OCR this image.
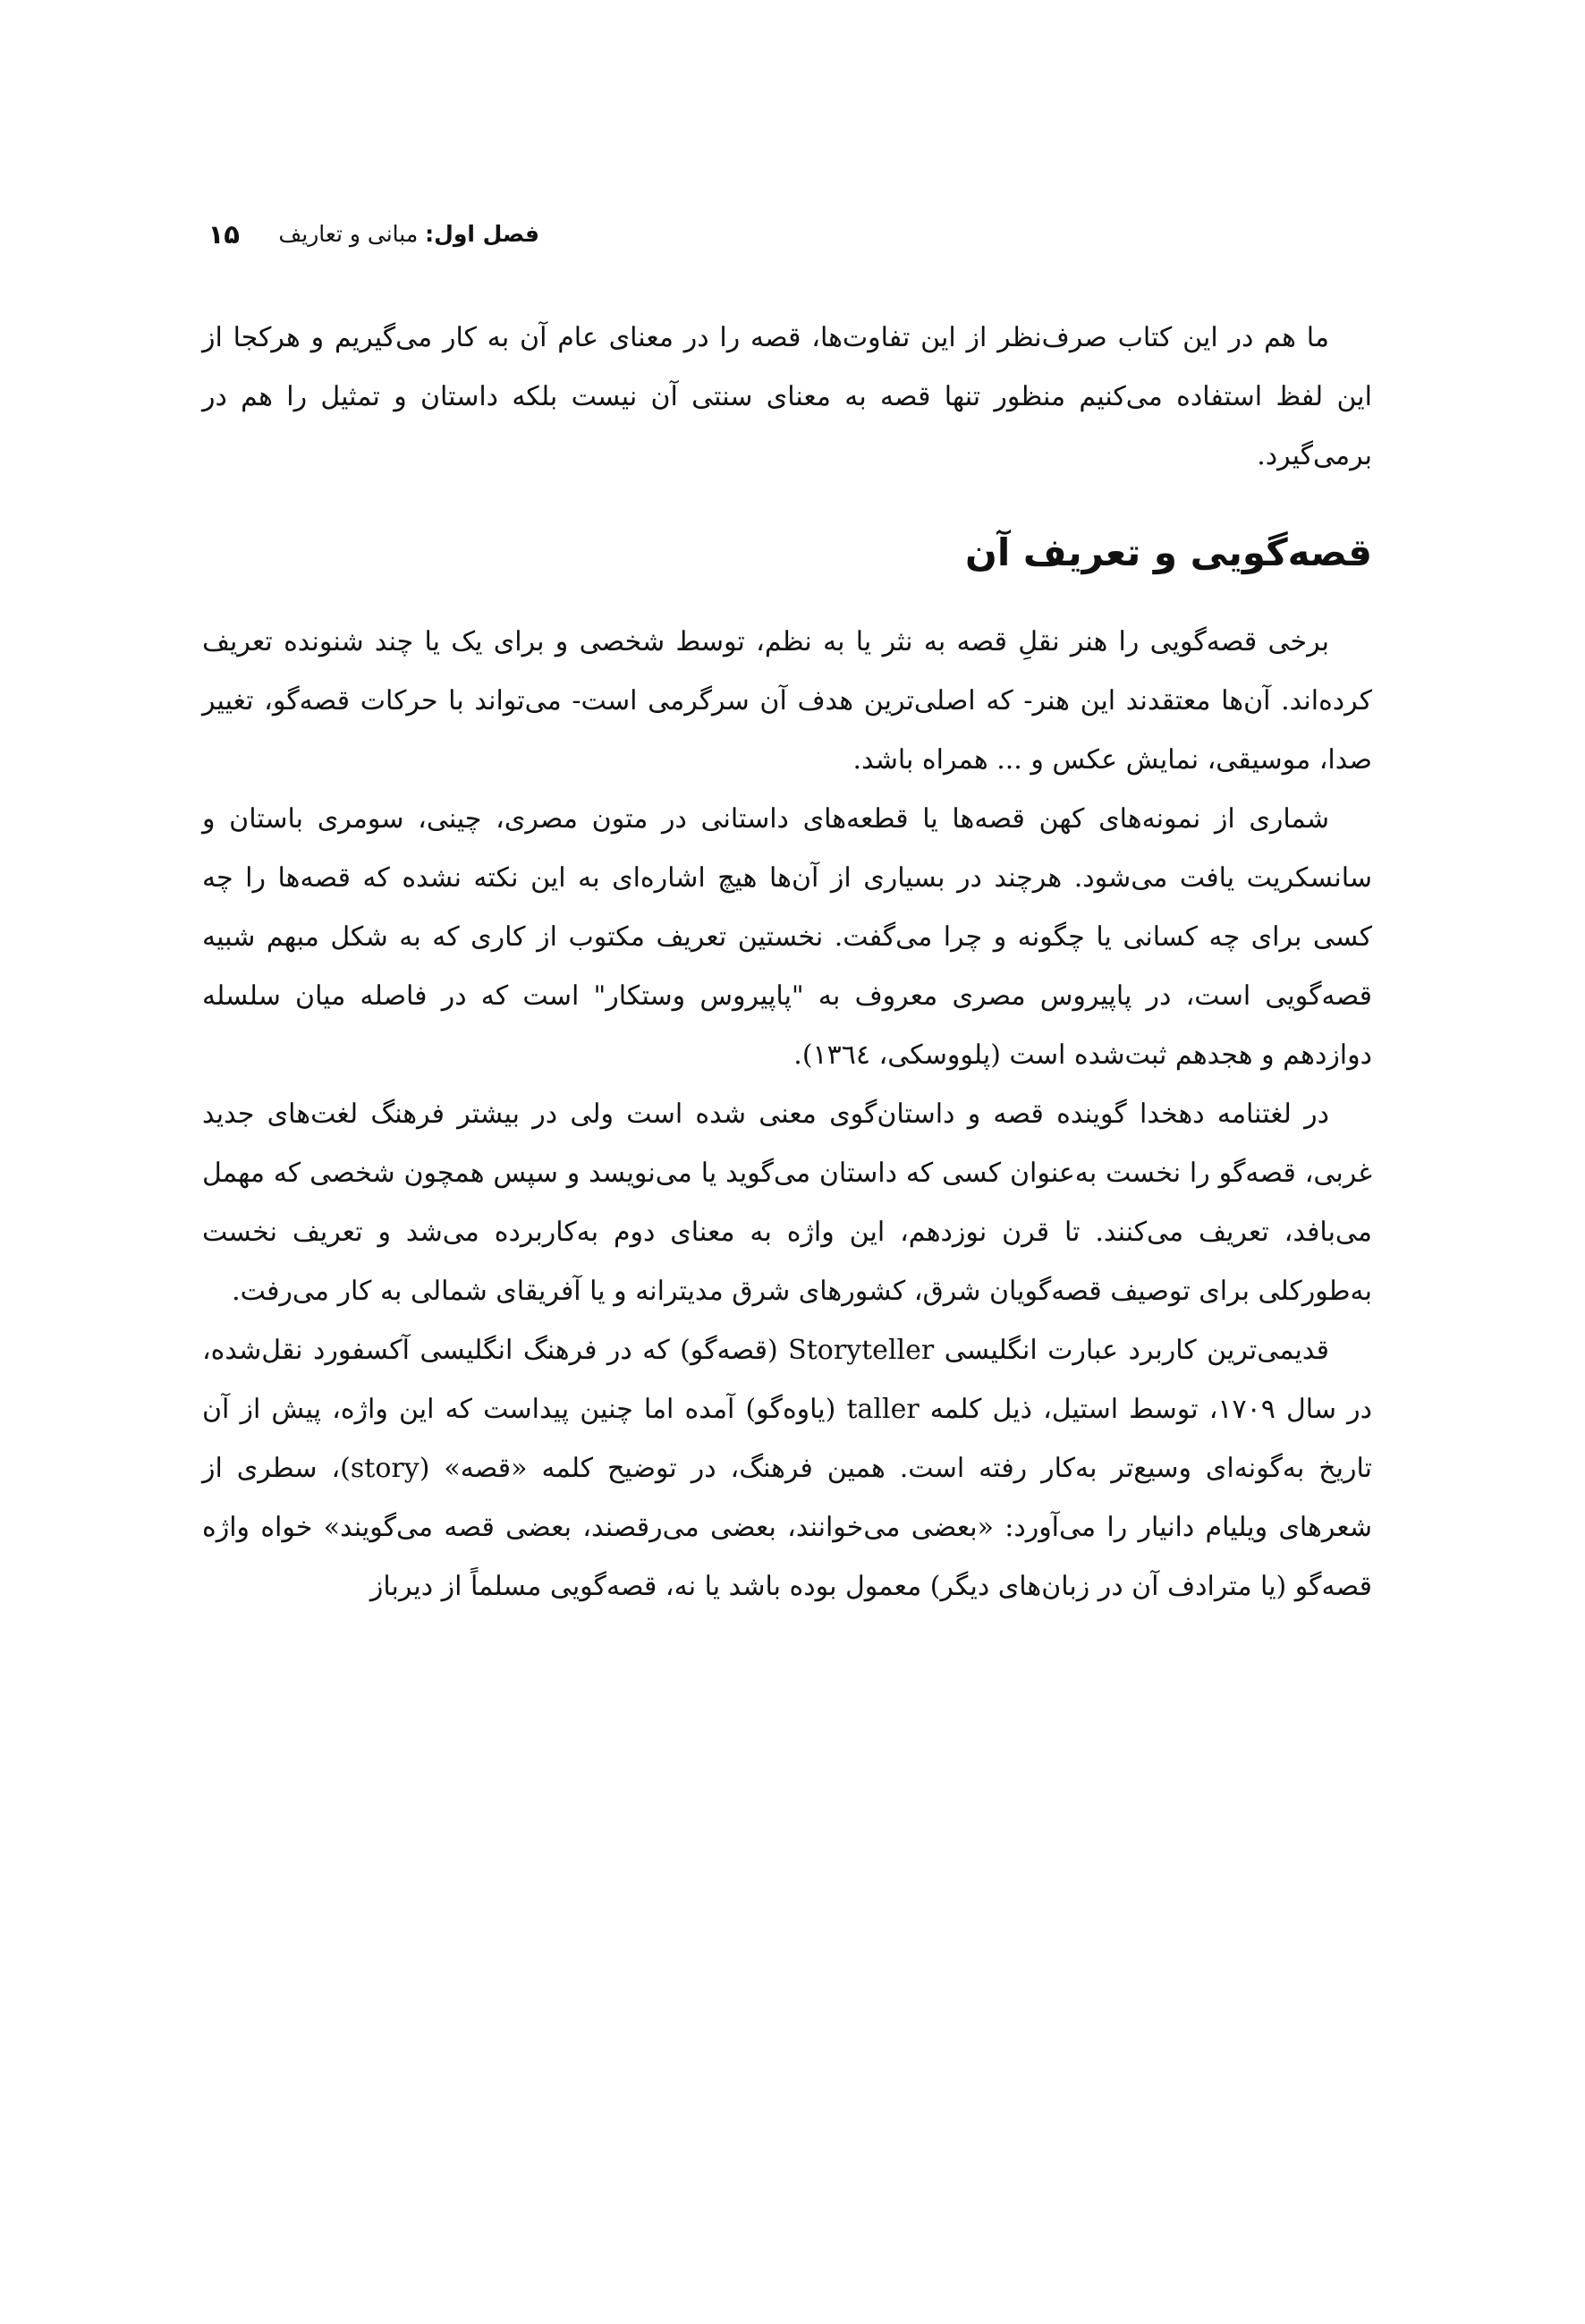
فصل اول: مبانی و تعاریف
۱۵

ما هم در این کتاب صرف‌نظر از این تفاوت‌ها، قصه را در معنای عام آن به کار می‌گیریم و هرکجا از این لفظ استفاده می‌کنیم منظور تنها قصه به معنای سنتی آن نیست بلکه داستان و تمثیل را هم در برمی‌گیرد.

قصه‌گویی و تعریف آن

برخی قصه‌گویی را هنر نقلِ قصه به نثر یا به نظم، توسط شخصی و برای یک یا چند شنونده تعریف کرده‌اند. آن‌ها معتقدند این هنر- که اصلی‌ترین هدف آن سرگرمی است- می‌تواند با حرکات قصه‌گو، تغییر صدا، موسیقی، نمایش عکس و ... همراه باشد.

شماری از نمونه‌های کهن قصه‌ها یا قطعه‌های داستانی در متون مصری، چینی، سومری باستان و سانسکریت یافت می‌شود. هرچند در بسیاری از آن‌ها هیچ اشاره‌ای به این نکته نشده که قصه‌ها را چه کسی برای چه کسانی یا چگونه و چرا می‌گفت. نخستین تعریف مکتوب از کاری که به شکل مبهم شبیه قصه‌گویی است، در پاپیروس مصری معروف به "پاپیروس وستکار" است که در فاصله میان سلسله دوازدهم و هجدهم ثبت‌شده است (پلووسکی، ١٣٦٤).

در لغتنامه دهخدا گوینده قصه و داستان‌گوی معنی شده است ولی در بیشتر فرهنگ لغت‌های جدید غربی، قصه‌گو را نخست به‌عنوان کسی که داستان می‌گوید یا می‌نویسد و سپس همچون شخصی که مهمل می‌بافد، تعریف می‌کنند. تا قرن نوزدهم، این واژه به معنای دوم به‌کاربرده می‌شد و تعریف نخست به‌طورکلی برای توصیف قصه‌گویان شرق، کشورهای شرق مدیترانه و یا آفریقای شمالی به کار می‌رفت.

قدیمی‌ترین کاربرد عبارت انگلیسی Storyteller (قصه‌گو) که در فرهنگ انگلیسی آکسفورد نقل‌شده، در سال ۱۷۰۹، توسط استیل، ذیل کلمه taller (یاوه‌گو) آمده اما چنین پیداست که این واژه، پیش از آن تاریخ به‌گونه‌ای وسیع‌تر به‌کار رفته است. همین فرهنگ، در توضیح کلمه «قصه» (story)، سطری از شعرهای ویلیام دانیار را می‌آورد: «بعضی می‌خوانند، بعضی می‌رقصند، بعضی قصه می‌گویند» خواه واژه قصه‌گو (یا مترادف آن در زبان‌های دیگر) معمول بوده باشد یا نه، قصه‌گویی مسلماً از دیرباز
